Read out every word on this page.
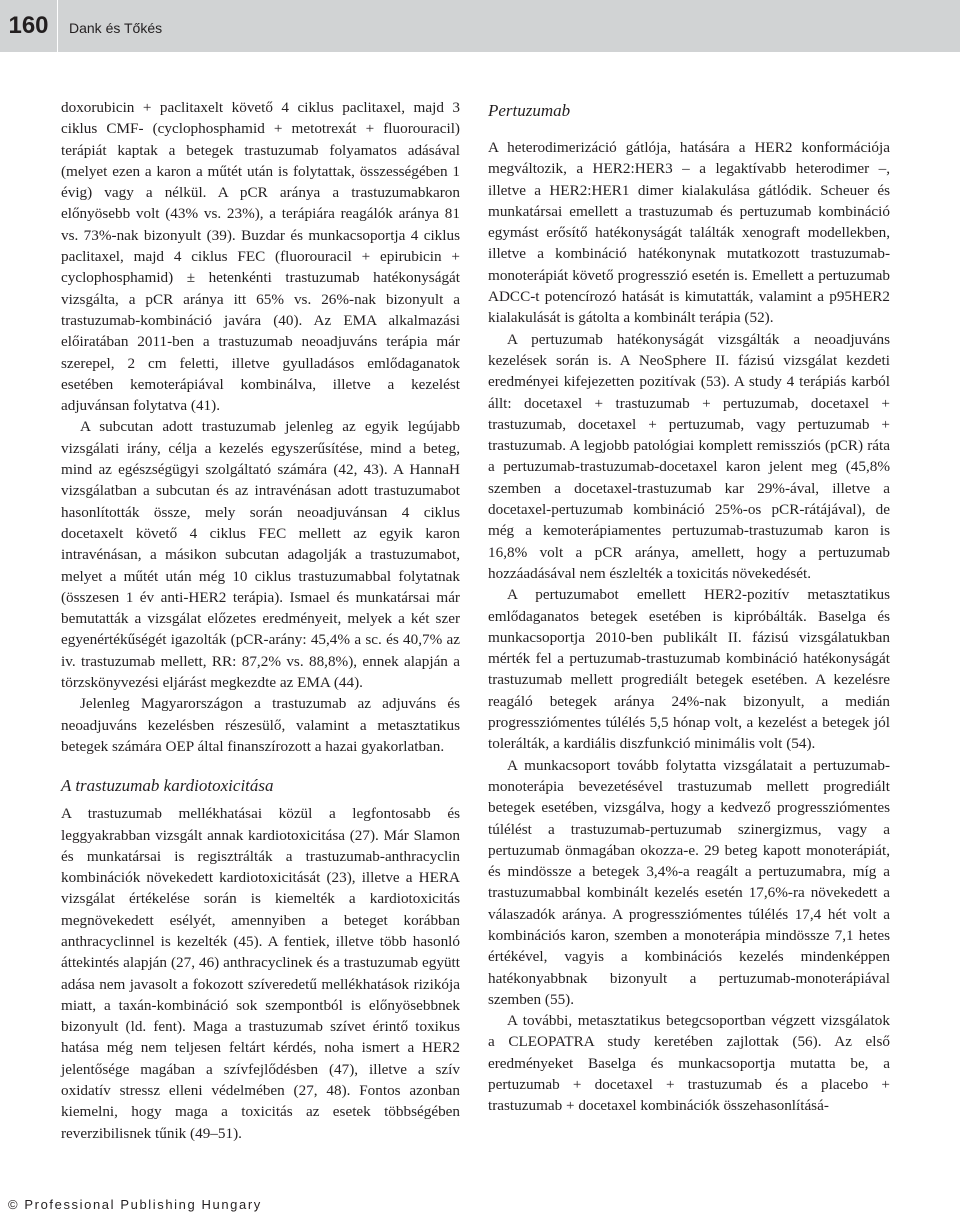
160	Dank és Tőkés

doxorubicin + paclitaxelt követő 4 ciklus paclitaxel, majd 3 ciklus CMF- (cyclophosphamid + metotrexát + fluorouracil) terápiát kaptak a betegek trastuzumab folyamatos adásával (melyet ezen a karon a műtét után is folytattak, összességében 1 évig) vagy a nélkül. A pCR aránya a trastuzumabkaron előnyösebb volt (43% vs. 23%), a terápiára reagálók aránya 81 vs. 73%-nak bizonyult (39). Buzdar és munkacsoportja 4 ciklus paclitaxel, majd 4 ciklus FEC (fluorouracil + epirubicin + cyclophosphamid) ± hetenkénti trastuzumab hatékonyságát vizsgálta, a pCR aránya itt 65% vs. 26%-nak bizonyult a trastuzumab-kombináció javára (40). Az EMA alkalmazási előiratában 2011-ben a trastuzumab neoadjuváns terápia már szerepel, 2 cm feletti, illetve gyulladásos emlődaganatok esetében kemoterápiával kombinálva, illetve a kezelést adjuvánsan folytatva (41).

A subcutan adott trastuzumab jelenleg az egyik legújabb vizsgálati irány, célja a kezelés egyszerűsítése, mind a beteg, mind az egészségügyi szolgáltató számára (42, 43). A HannaH vizsgálatban a subcutan és az intravénásan adott trastuzumabot hasonlították össze, mely során neoadjuvánsan 4 ciklus docetaxelt követő 4 ciklus FEC mellett az egyik karon intravénásan, a másikon subcutan adagolják a trastuzumabot, melyet a műtét után még 10 ciklus trastuzumabbal folytatnak (összesen 1 év anti-HER2 terápia). Ismael és munkatársai már bemutatták a vizsgálat előzetes eredményeit, melyek a két szer egyenértékűségét igazolták (pCR-arány: 45,4% a sc. és 40,7% az iv. trastuzumab mellett, RR: 87,2% vs. 88,8%), ennek alapján a törzskönyvezési eljárást megkezdte az EMA (44).

Jelenleg Magyarországon a trastuzumab az adjuváns és neoadjuváns kezelésben részesülő, valamint a metasztatikus betegek számára OEP által finanszírozott a hazai gyakorlatban.

A trastuzumab kardiotoxicitása

A trastuzumab mellékhatásai közül a legfontosabb és leggyakrabban vizsgált annak kardiotoxicitása (27). Már Slamon és munkatársai is regisztrálták a trastuzumab-anthracyclin kombinációk növekedett kardiotoxicitását (23), illetve a HERA vizsgálat értékelése során is kiemelték a kardiotoxicitás megnövekedett esélyét, amennyiben a beteget korábban anthracyclinnel is kezelték (45). A fentiek, illetve több hasonló áttekintés alapján (27, 46) anthracyclinek és a trastuzumab együtt adása nem javasolt a fokozott szíveredetű mellékhatások rizikója miatt, a taxán-kombináció sok szempontból is előnyösebbnek bizonyult (ld. fent). Maga a trastuzumab szívet érintő toxikus hatása még nem teljesen feltárt kérdés, noha ismert a HER2 jelentősége magában a szívfejlődésben (47), illetve a szív oxidatív stressz elleni védelmében (27, 48). Fontos azonban kiemelni, hogy maga a toxicitás az esetek többségében reverzibilisnek tűnik (49–51).

Pertuzumab

A heterodimerizáció gátlója, hatására a HER2 konformációja megváltozik, a HER2:HER3 – a legaktívabb heterodimer –, illetve a HER2:HER1 dimer kialakulása gátlódik. Scheuer és munkatársai emellett a trastuzumab és pertuzumab kombináció egymást erősítő hatékonyságát találták xenograft modellekben, illetve a kombináció hatékonynak mutatkozott trastuzumab-monoterápiát követő progresszió esetén is. Emellett a pertuzumab ADCC-t potencírozó hatását is kimutatták, valamint a p95HER2 kialakulását is gátolta a kombinált terápia (52).

A pertuzumab hatékonyságát vizsgálták a neoadjuváns kezelések során is. A NeoSphere II. fázisú vizsgálat kezdeti eredményei kifejezetten pozitívak (53). A study 4 terápiás karból állt: docetaxel + trastuzumab + pertuzumab, docetaxel + trastuzumab, docetaxel + pertuzumab, vagy pertuzumab + trastuzumab. A legjobb patológiai komplett remissziós (pCR) ráta a pertuzumab-trastuzumab-docetaxel karon jelent meg (45,8% szemben a docetaxel-trastuzumab kar 29%-ával, illetve a docetaxel-pertuzumab kombináció 25%-os pCR-rátájával), de még a kemoterápiamentes pertuzumab-trastuzumab karon is 16,8% volt a pCR aránya, amellett, hogy a pertuzumab hozzáadásával nem észlelték a toxicitás növekedését.

A pertuzumabot emellett HER2-pozitív metasztatikus emlődaganatos betegek esetében is kipróbálták. Baselga és munkacsoportja 2010-ben publikált II. fázisú vizsgálatukban mérték fel a pertuzumab-trastuzumab kombináció hatékonyságát trastuzumab mellett progrediált betegek esetében. A kezelésre reagáló betegek aránya 24%-nak bizonyult, a medián progressziómentes túlélés 5,5 hónap volt, a kezelést a betegek jól tolerálták, a kardiális diszfunkció minimális volt (54).

A munkacsoport tovább folytatta vizsgálatait a pertuzumab-monoterápia bevezetésével trastuzumab mellett progrediált betegek esetében, vizsgálva, hogy a kedvező progressziómentes túlélést a trastuzumab-pertuzumab szinergizmus, vagy a pertuzumab önmagában okozza-e. 29 beteg kapott monoterápiát, és mindössze a betegek 3,4%-a reagált a pertuzumabra, míg a trastuzumabbal kombinált kezelés esetén 17,6%-ra növekedett a válaszadók aránya. A progressziómentes túlélés 17,4 hét volt a kombinációs karon, szemben a monoterápia mindössze 7,1 hetes értékével, vagyis a kombinációs kezelés mindenképpen hatékonyabbnak bizonyult a pertuzumab-monoterápiával szemben (55).

A további, metasztatikus betegcsoportban végzett vizsgálatok a CLEOPATRA study keretében zajlottak (56). Az első eredményeket Baselga és munkacsoportja mutatta be, a pertuzumab + docetaxel + trastuzumab és a placebo + trastuzumab + docetaxel kombinációk összehasonlításá-

© Professional Publishing Hungary
